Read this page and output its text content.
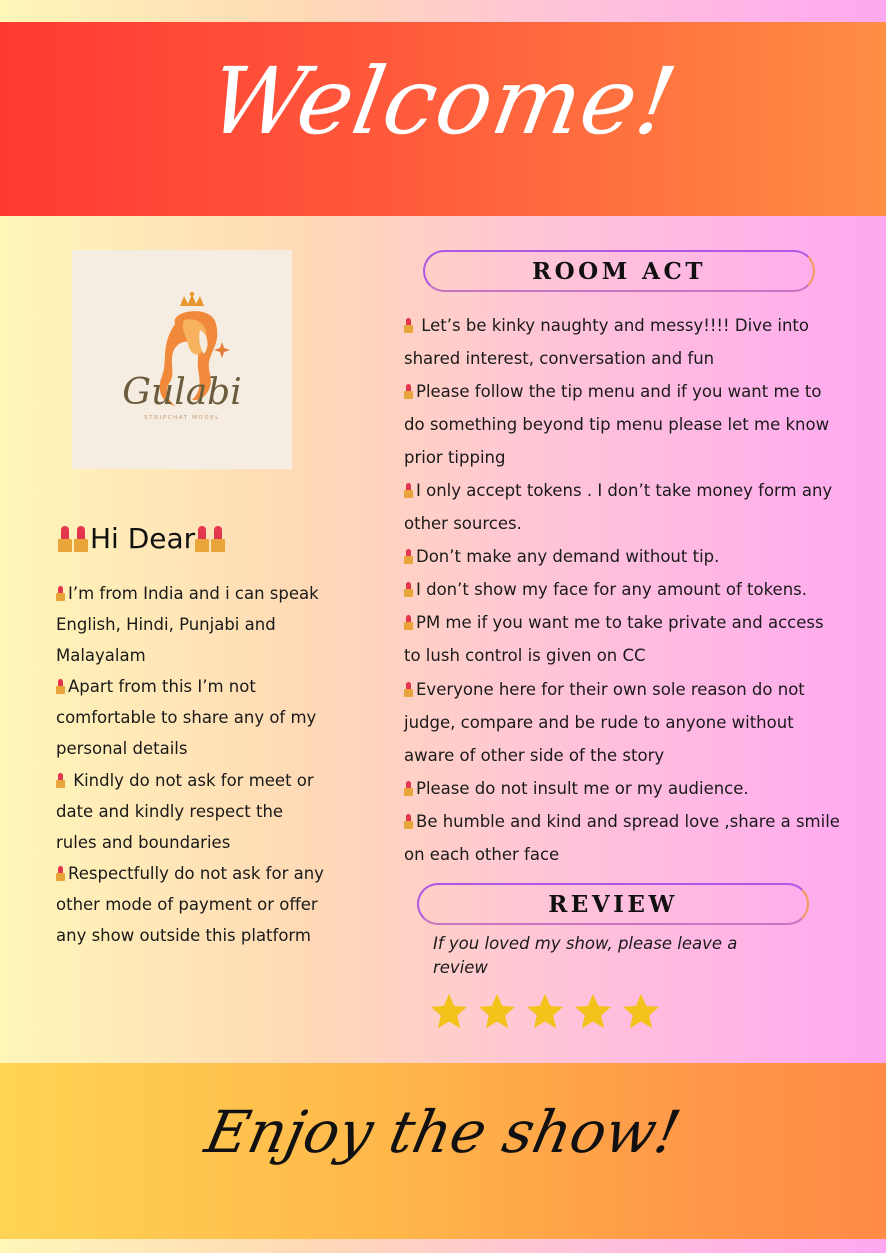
Welcome!
Gulabi
STRIPCHAT MODEL
Hi Dear
I’m from India and i can speak English, Hindi, Punjabi and Malayalam
Apart from this I’m not comfortable to share any of my personal details
Kindly do not ask for meet or date and kindly respect the rules and boundaries
Respectfully do not ask for any other mode of payment or offer any show outside this platform
ROOM ACT
Let’s be kinky naughty and messy!!!! Dive into shared interest, conversation and fun
Please follow the tip menu and if you want me to do something beyond tip menu please let me know prior tipping
I only accept tokens . I don’t take money form any other sources.
Don’t make any demand without tip.
I don’t show my face for any amount of tokens.
PM me if you want me to take private and access to lush control is given on CC
Everyone here for their own sole reason do not judge, compare and be rude to anyone without aware of other side of the story
Please do not insult me or my audience.
Be humble and kind and spread love ,share a smile on each other face
REVIEW
If you loved my show, please leave a review
Enjoy the show!
